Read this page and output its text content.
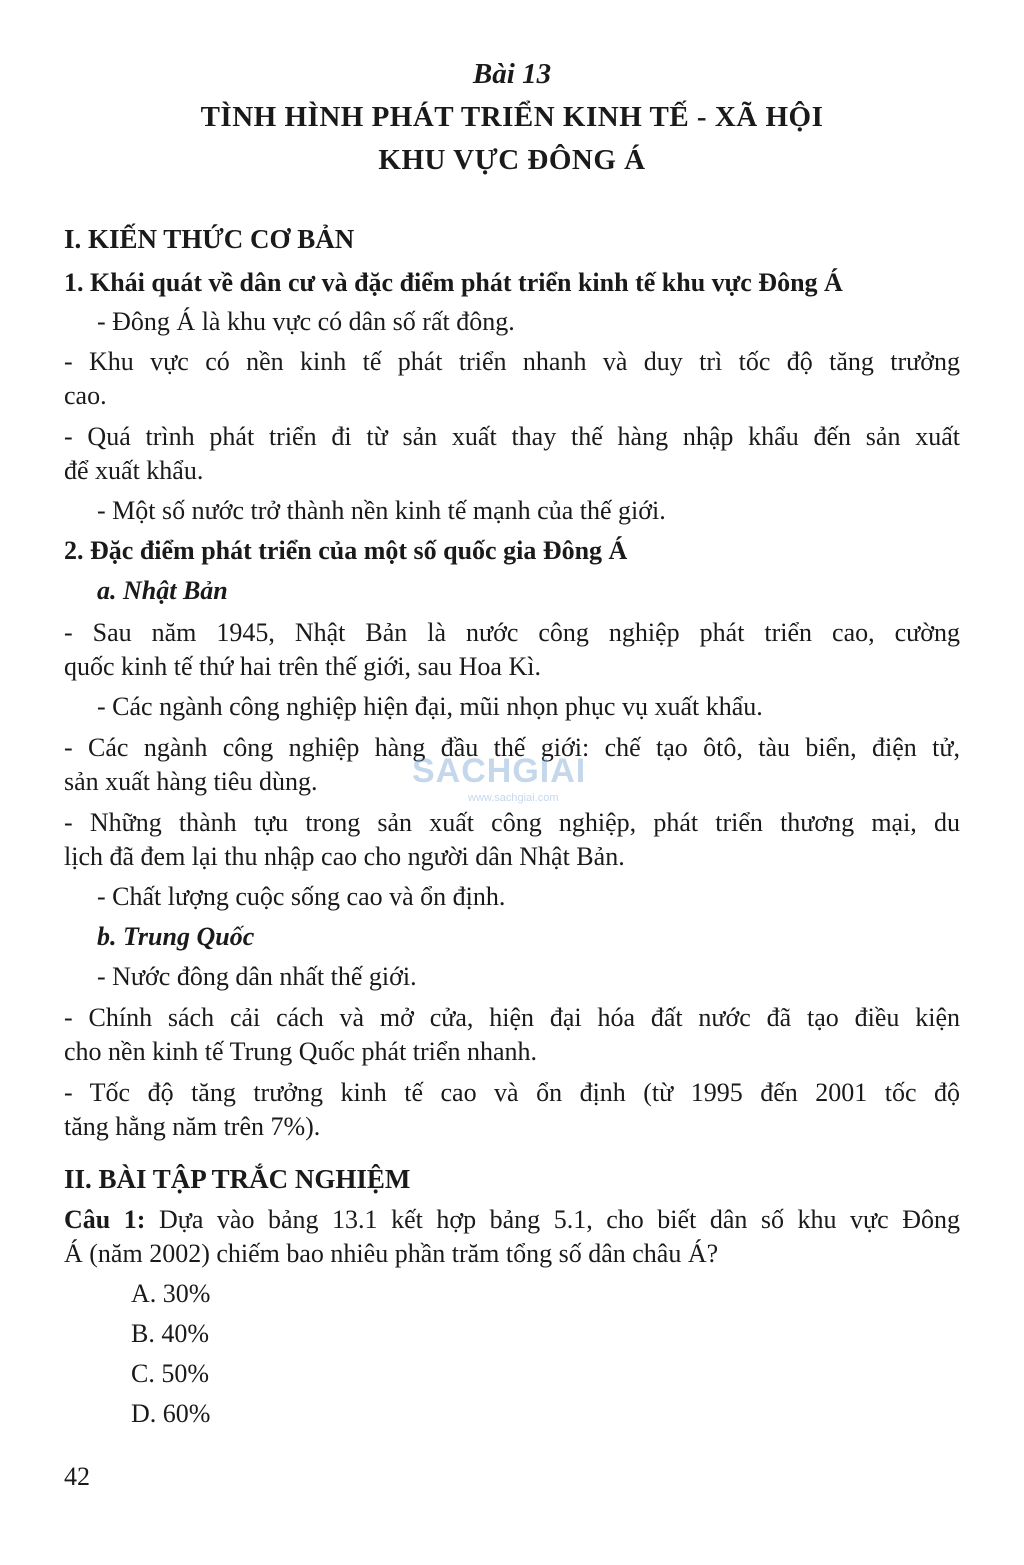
Bài 13
TÌNH HÌNH PHÁT TRIỂN KINH TẾ - XÃ HỘI
KHU VỰC ĐÔNG Á
I. KIẾN THỨC CƠ BẢN
1. Khái quát về dân cư và đặc điểm phát triển kinh tế khu vực Đông Á
- Đông Á là khu vực có dân số rất đông.
- Khu vực có nền kinh tế phát triển nhanh và duy trì tốc độ tăng trưởng
cao.
- Quá trình phát triển đi từ sản xuất thay thế hàng nhập khẩu đến sản xuất
để xuất khẩu.
- Một số nước trở thành nền kinh tế mạnh của thế giới.
2. Đặc điểm phát triển của một số quốc gia Đông Á
a. Nhật Bản
- Sau năm 1945, Nhật Bản là nước công nghiệp phát triển cao, cường
quốc kinh tế thứ hai trên thế giới, sau Hoa Kì.
- Các ngành công nghiệp hiện đại, mũi nhọn phục vụ xuất khẩu.
- Các ngành công nghiệp hàng đầu thế giới: chế tạo ôtô, tàu biển, điện tử,
sản xuất hàng tiêu dùng.
- Những thành tựu trong sản xuất công nghiệp, phát triển thương mại, du
lịch đã đem lại thu nhập cao cho người dân Nhật Bản.
- Chất lượng cuộc sống cao và ổn định.
b. Trung Quốc
- Nước đông dân nhất thế giới.
- Chính sách cải cách và mở cửa, hiện đại hóa đất nước đã tạo điều kiện
cho nền kinh tế Trung Quốc phát triển nhanh.
- Tốc độ tăng trưởng kinh tế cao và ổn định (từ 1995 đến 2001 tốc độ
tăng hằng năm trên 7%).
II. BÀI TẬP TRẮC NGHIỆM
Câu 1: Dựa vào bảng 13.1 kết hợp bảng 5.1, cho biết dân số khu vực Đông
Á (năm 2002) chiếm bao nhiêu phần trăm tổng số dân châu Á?
A. 30%
B. 40%
C. 50%
D. 60%
SACHGIAI
www.sachgiai.com
42
